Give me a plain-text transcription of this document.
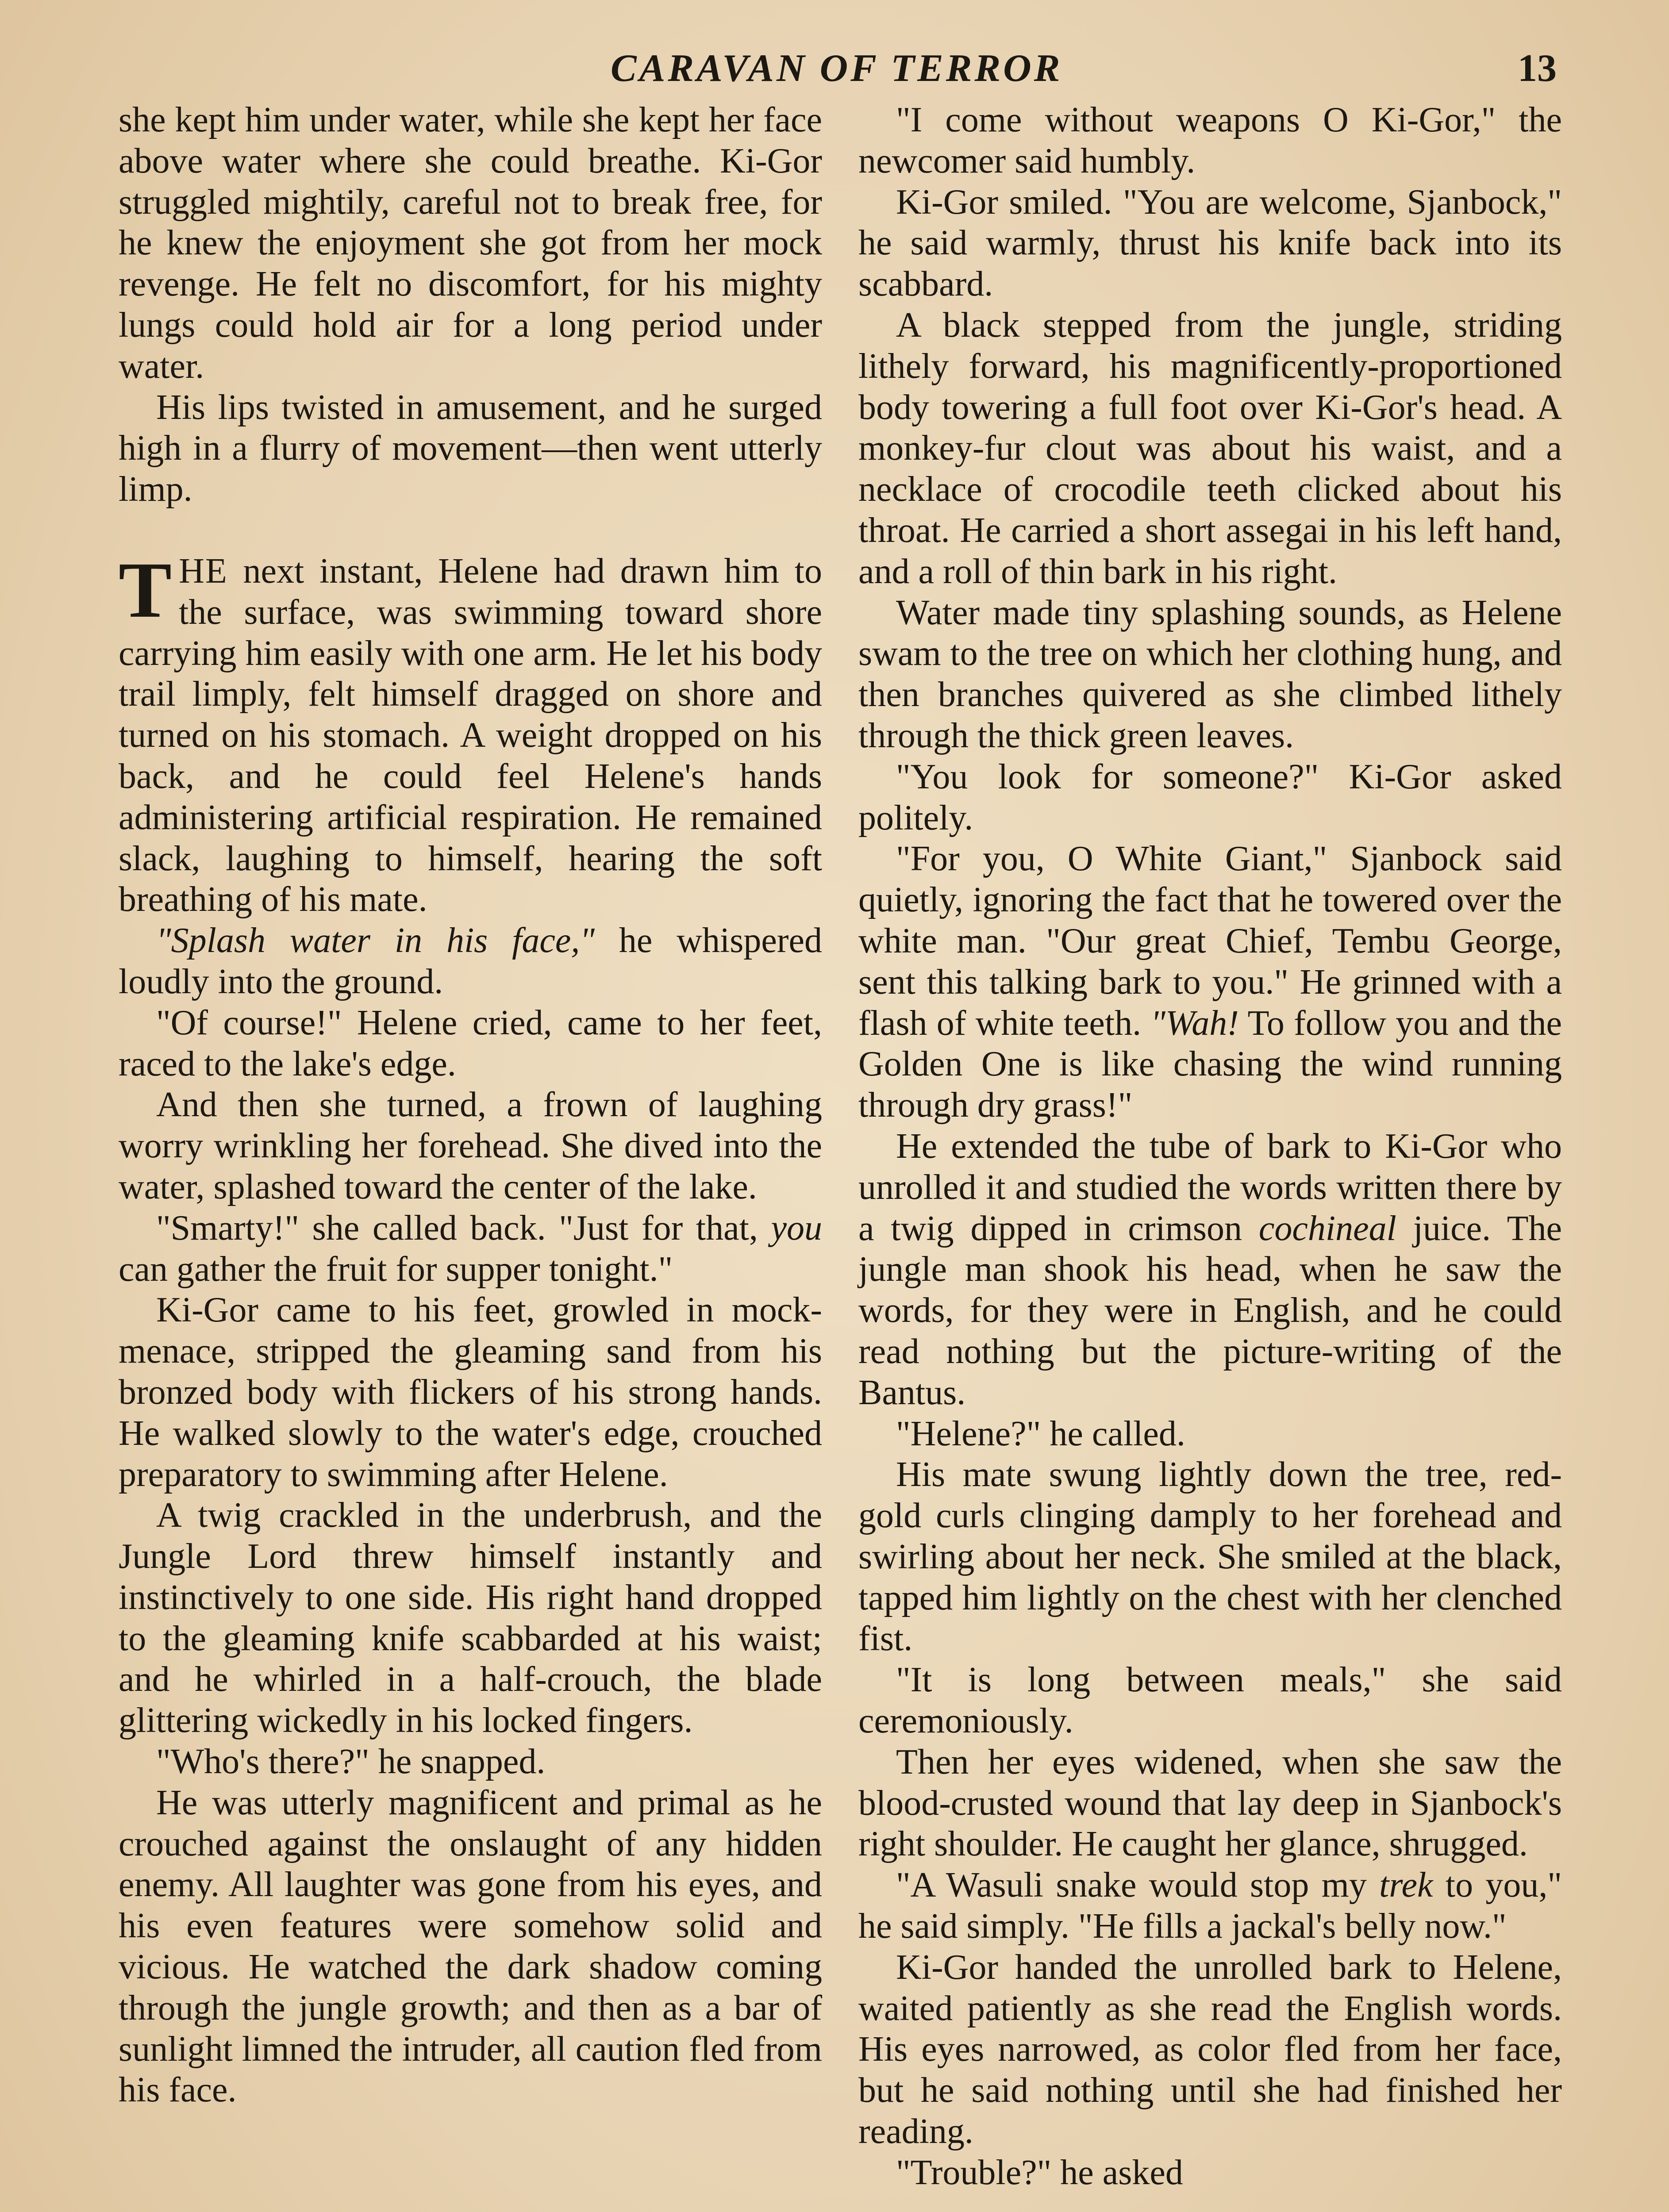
CARAVAN OF TERROR	13

she kept him under water, while she kept her face above water where she could breathe. Ki-Gor struggled mightily, careful not to break free, for he knew the enjoyment she got from her mock revenge. He felt no discomfort, for his mighty lungs could hold air for a long period under water.

His lips twisted in amusement, and he surged high in a flurry of movement—then went utterly limp.

THE next instant, Helene had drawn him to the surface, was swimming toward shore carrying him easily with one arm. He let his body trail limply, felt himself dragged on shore and turned on his stomach. A weight dropped on his back, and he could feel Helene's hands administering artificial respiration. He remained slack, laughing to himself, hearing the soft breathing of his mate.

"Splash water in his face," he whispered loudly into the ground.

"Of course!" Helene cried, came to her feet, raced to the lake's edge.

And then she turned, a frown of laughing worry wrinkling her forehead. She dived into the water, splashed toward the center of the lake.

"Smarty!" she called back. "Just for that, you can gather the fruit for supper tonight."

Ki-Gor came to his feet, growled in mock-menace, stripped the gleaming sand from his bronzed body with flickers of his strong hands. He walked slowly to the water's edge, crouched preparatory to swimming after Helene.

A twig crackled in the underbrush, and the Jungle Lord threw himself instantly and instinctively to one side. His right hand dropped to the gleaming knife scabbarded at his waist; and he whirled in a half-crouch, the blade glittering wickedly in his locked fingers.

"Who's there?" he snapped.

He was utterly magnificent and primal as he crouched against the onslaught of any hidden enemy. All laughter was gone from his eyes, and his even features were somehow solid and vicious. He watched the dark shadow coming through the jungle growth; and then as a bar of sunlight limned the intruder, all caution fled from his face.

"I come without weapons O Ki-Gor," the newcomer said humbly.

Ki-Gor smiled. "You are welcome, Sjanbock," he said warmly, thrust his knife back into its scabbard.

A black stepped from the jungle, striding lithely forward, his magnificently-proportioned body towering a full foot over Ki-Gor's head. A monkey-fur clout was about his waist, and a necklace of crocodile teeth clicked about his throat. He carried a short assegai in his left hand, and a roll of thin bark in his right.

Water made tiny splashing sounds, as Helene swam to the tree on which her clothing hung, and then branches quivered as she climbed lithely through the thick green leaves.

"You look for someone?" Ki-Gor asked politely.

"For you, O White Giant," Sjanbock said quietly, ignoring the fact that he towered over the white man. "Our great Chief, Tembu George, sent this talking bark to you." He grinned with a flash of white teeth. "Wah! To follow you and the Golden One is like chasing the wind running through dry grass!"

He extended the tube of bark to Ki-Gor who unrolled it and studied the words written there by a twig dipped in crimson cochineal juice. The jungle man shook his head, when he saw the words, for they were in English, and he could read nothing but the picture-writing of the Bantus.

"Helene?" he called.

His mate swung lightly down the tree, red-gold curls clinging damply to her forehead and swirling about her neck. She smiled at the black, tapped him lightly on the chest with her clenched fist.

"It is long between meals," she said ceremoniously.

Then her eyes widened, when she saw the blood-crusted wound that lay deep in Sjanbock's right shoulder. He caught her glance, shrugged.

"A Wasuli snake would stop my trek to you," he said simply. "He fills a jackal's belly now."

Ki-Gor handed the unrolled bark to Helene, waited patiently as she read the English words. His eyes narrowed, as color fled from her face, but he said nothing until she had finished her reading.

"Trouble?" he asked
